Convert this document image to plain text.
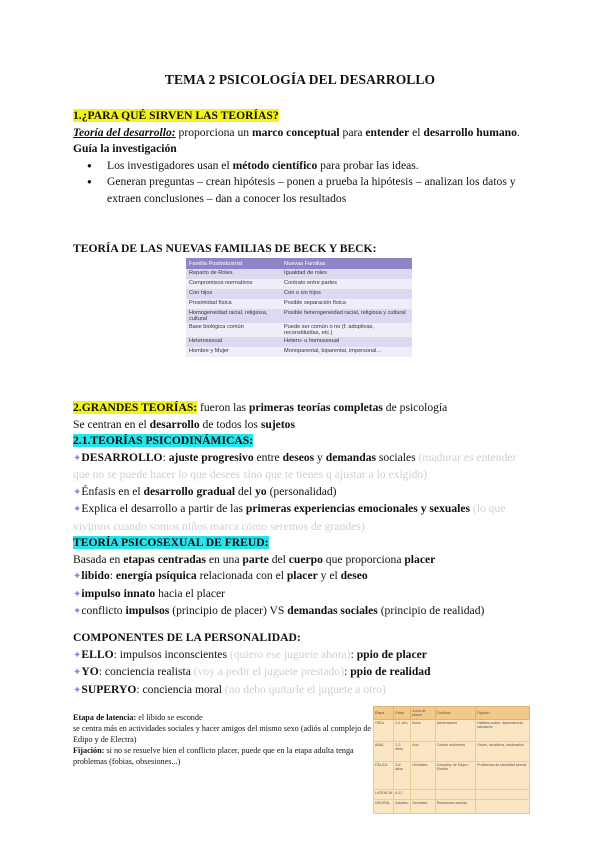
TEMA 2 PSICOLOGÍA DEL DESARROLLO
1.¿PARA QUÉ SIRVEN LAS TEORÍAS?
Teoría del desarrollo: proporciona un marco conceptual para entender el desarrollo humano.
Guía la investigación
● Los investigadores usan el método científico para probar las ideas.
● Generan preguntas – crean hipótesis – ponen a prueba la hipótesis – analizan los datos y extraen conclusiones – dan a conocer los resultados
TEORÍA DE LAS NUEVAS FAMILIAS DE BECK Y BECK:
Familia Postindustrial	Nuevas Familias
Reparto de Roles	Igualdad de roles
Compromisos normativos	Contrato entre partes
Con hijos	Con o sin hijos
Proximidad física	Posible separación física
Homogeneidad racial, religiosa, cultural	Posible heterogeneidad racial, religiosa y cultural
Base biológica común	Puede ser común o no (f. adoptivas, reconstituidas, etc.)
Heterosexual	Hetero- u homosexual
Hombre y Mujer	Monoparental, biparental, impersonal...
2.GRANDES TEORÍAS: fueron las primeras teorías completas de psicología
Se centran en el desarrollo de todos los sujetos
2.1.TEORÍAS PSICODINÁMICAS:
✦DESARROLLO: ajuste progresivo entre deseos y demandas sociales (madurar es entender que no se puede hacer lo que desees sino que te tienes q ajustar a lo exigido)
✦Énfasis en el desarrollo gradual del yo (personalidad)
✦Explica el desarrollo a partir de las primeras experiencias emocionales y sexuales (lo que vivimos cuando somos niños marca cómo seremos de grandes)
TEORÍA PSICOSEXUAL DE FREUD:
Basada en etapas centradas en una parte del cuerpo que proporciona placer
✦libido: energía psíquica relacionada con el placer y el deseo
✦impulso innato hacia el placer
✦conflicto impulsos (principio de placer) VS demandas sociales (principio de realidad)
COMPONENTES DE LA PERSONALIDAD:
✦ELLO: impulsos inconscientes (quiero ese juguete ahora): ppio de placer
✦YO: conciencia realista (voy a pedir el juguete prestado): ppio de realidad
✦SUPERYO: conciencia moral (no debo quitarle el juguete a otro)
Etapa de latencia: el líbido se esconde
se centra más en actividades sociales y hacer amigos del mismo sexo (adiós al complejo de Edipo y de Electra)
Fijación: si no se resuelve bien el conflicto placer, puede que en la etapa adulta tenga problemas (fobias, obsesiones...)
Etapa	Edad	Zona de placer	Conflicto	Fijación
ORAL	0-1 año	Boca	Alimentación	Hábitos orales, dependencia, sarcasmo
ANAL	1-3 años	Ano	Control esfínteres	Orden, tacañería, obstinación
FÁLICA	3-6 años	Genitales	Complejo de Edipo / Electra	Problemas de identidad sexual
LATENCIA	6-12			
GENITAL	Adolesc.	Genitales	Relaciones adultas	
